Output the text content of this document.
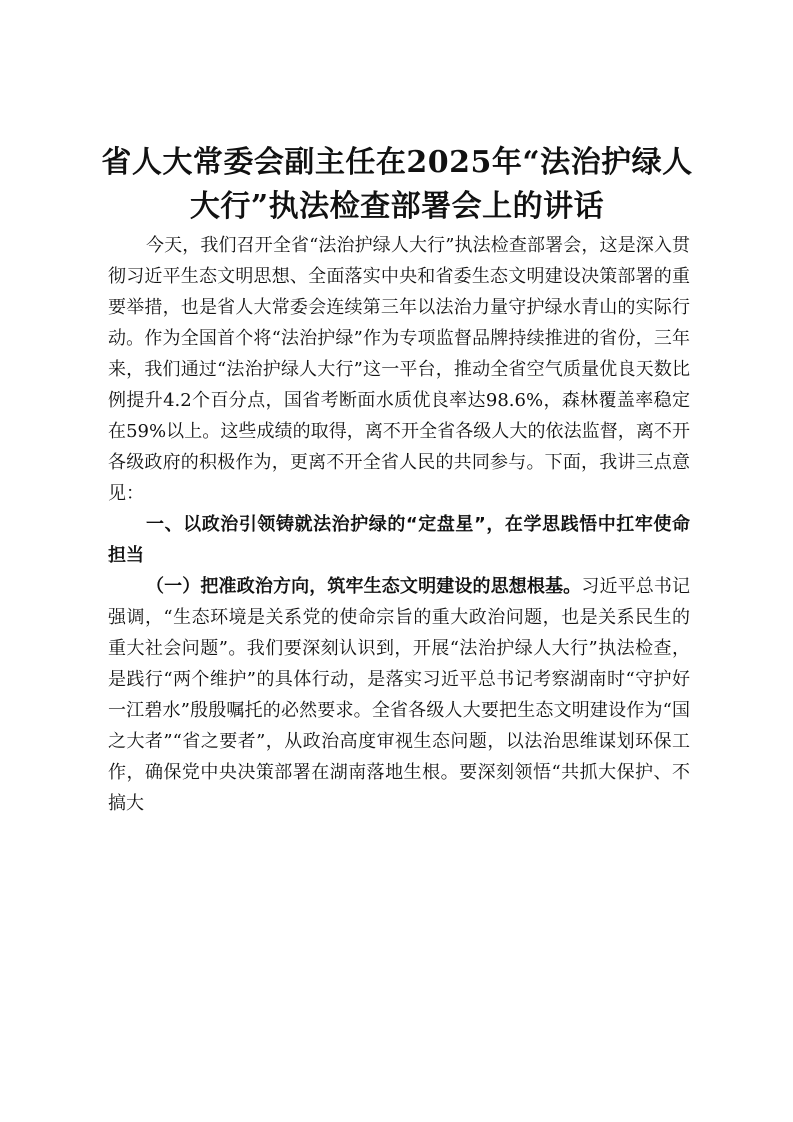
省人大常委会副主任在2025年“法治护绿人大行”执法检查部署会上的讲话

今天，我们召开全省“法治护绿人大行”执法检查部署会，这是深入贯彻习近平生态文明思想、全面落实中央和省委生态文明建设决策部署的重要举措，也是省人大常委会连续第三年以法治力量守护绿水青山的实际行动。作为全国首个将“法治护绿”作为专项监督品牌持续推进的省份，三年来，我们通过“法治护绿人大行”这一平台，推动全省空气质量优良天数比例提升4.2个百分点，国省考断面水质优良率达98.6%，森林覆盖率稳定在59%以上。这些成绩的取得，离不开全省各级人大的依法监督，离不开各级政府的积极作为，更离不开全省人民的共同参与。下面，我讲三点意见：

一、以政治引领铸就法治护绿的“定盘星”，在学思践悟中扛牢使命担当

（一）把准政治方向，筑牢生态文明建设的思想根基。习近平总书记强调，“生态环境是关系党的使命宗旨的重大政治问题，也是关系民生的重大社会问题”。我们要深刻认识到，开展“法治护绿人大行”执法检查，是践行“两个维护”的具体行动，是落实习近平总书记考察湖南时“守护好一江碧水”殷殷嘱托的必然要求。全省各级人大要把生态文明建设作为“国之大者”“省之要者”，从政治高度审视生态问题，以法治思维谋划环保工作，确保党中央决策部署在湖南落地生根。要深刻领悟“共抓大保护、不搞大
